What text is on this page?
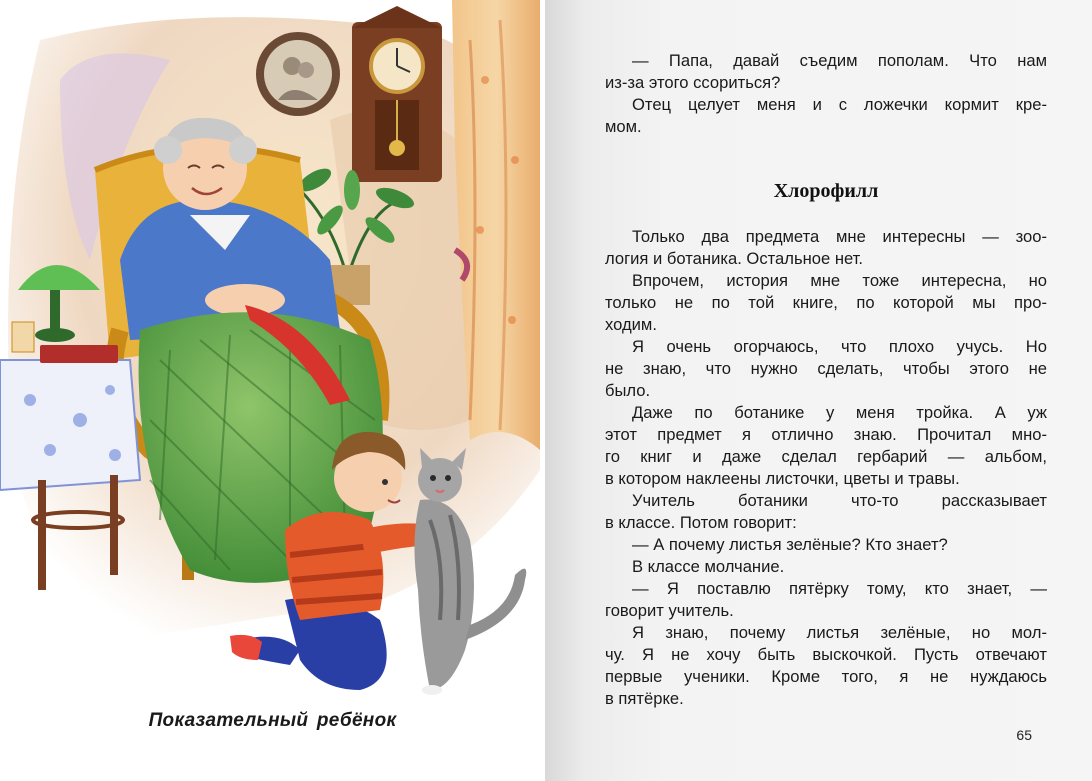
Показательный ребёнок
— Папа, давай съедим пополам. Что нам
из-за этого ссориться?
Отец целует меня и с ложечки кормит кре-
мом.
Хлорофилл
Только два предмета мне интересны — зоо-
логия и ботаника. Остальное нет.
Впрочем, история мне тоже интересна, но
только не по той книге, по которой мы про-
ходим.
Я очень огорчаюсь, что плохо учусь. Но
не знаю, что нужно сделать, чтобы этого не
было.
Даже по ботанике у меня тройка. А уж
этот предмет я отлично знаю. Прочитал мно-
го книг и даже сделал гербарий — альбом,
в котором наклеены листочки, цветы и травы.
Учитель ботаники что-то рассказывает
в классе. Потом говорит:
— А почему листья зелёные? Кто знает?
В классе молчание.
— Я поставлю пятёрку тому, кто знает, —
говорит учитель.
Я знаю, почему листья зелёные, но мол-
чу. Я не хочу быть выскочкой. Пусть отвечают
первые ученики. Кроме того, я не нуждаюсь
в пятёрке.
65
